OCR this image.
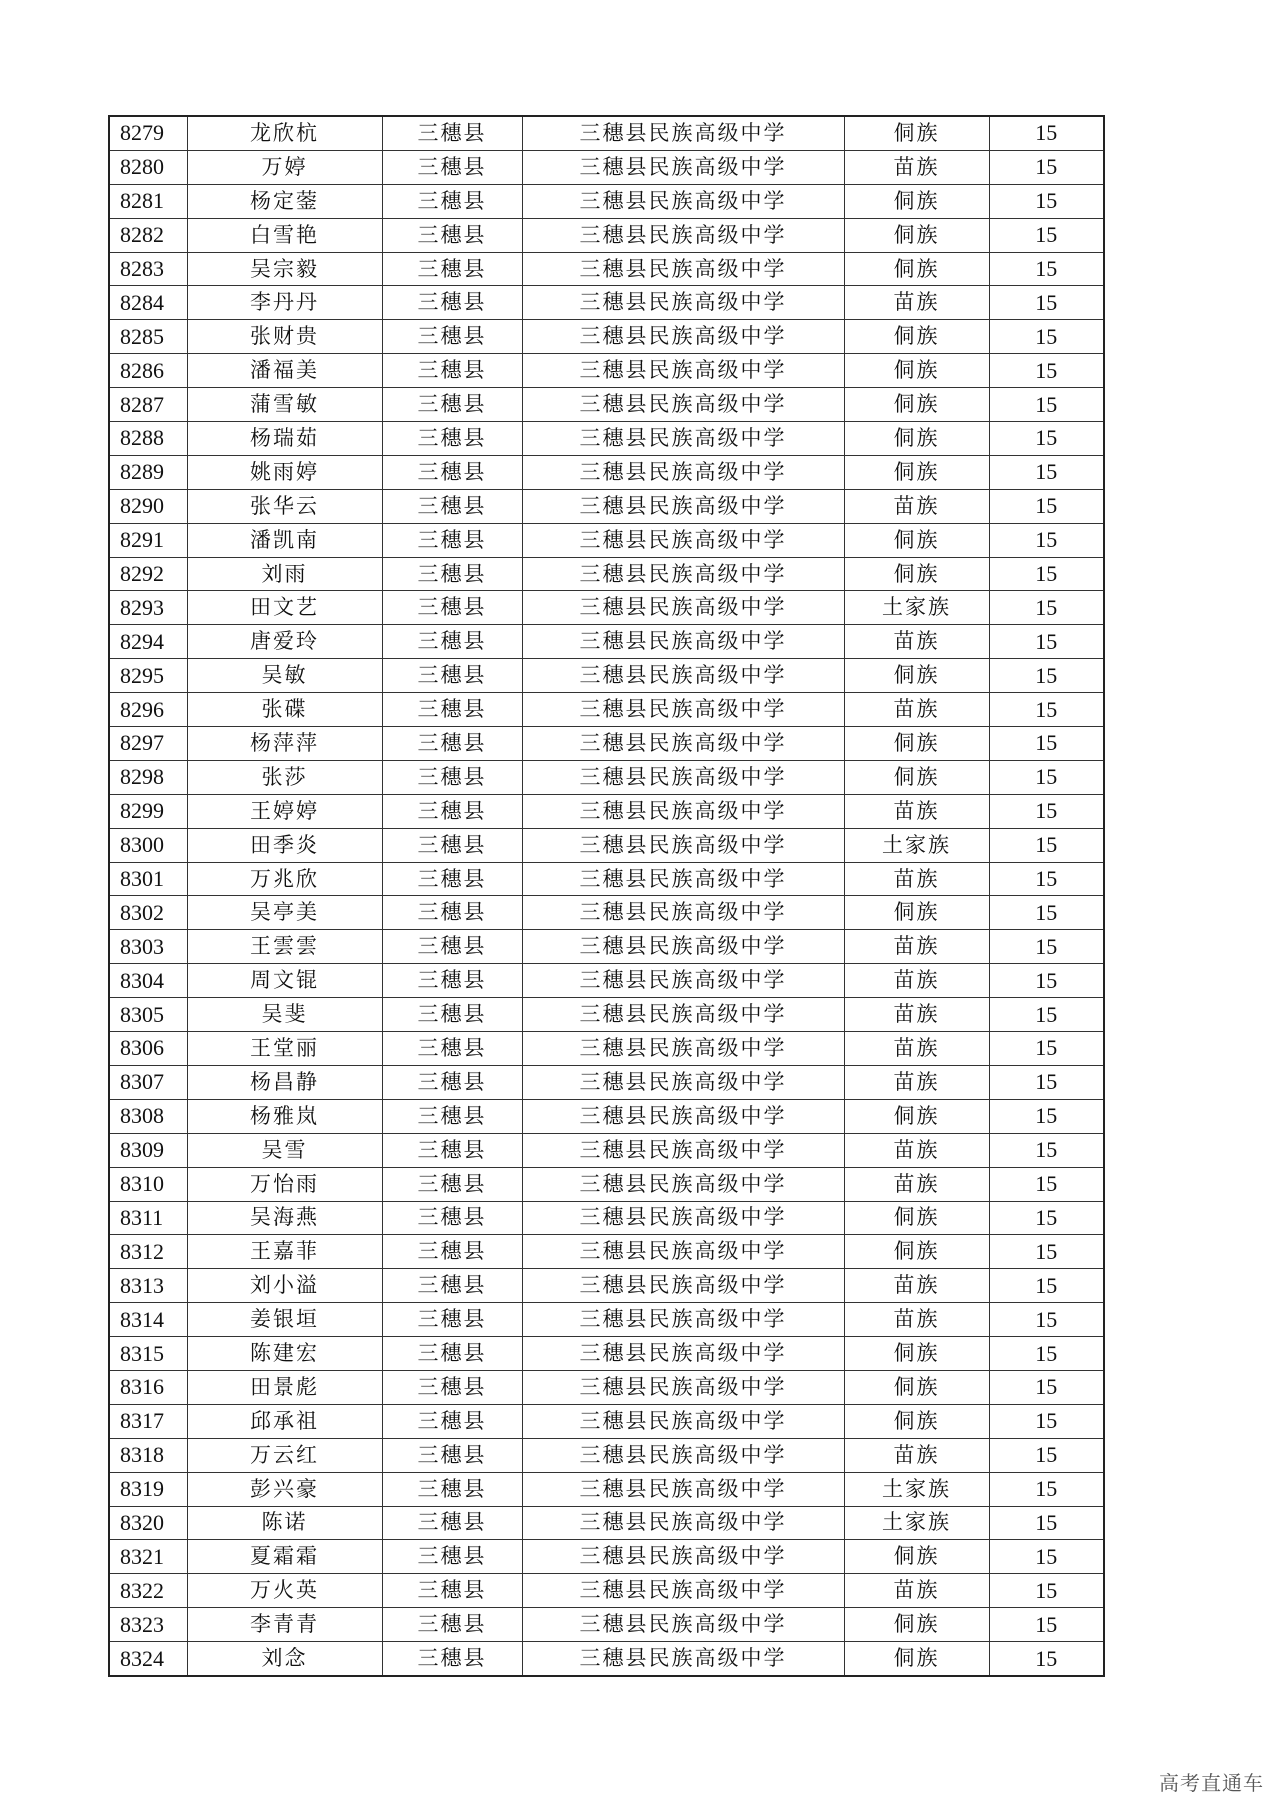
8279	龙欣杭	三穗县	三穗县民族高级中学	侗族	15
8280	万婷	三穗县	三穗县民族高级中学	苗族	15
8281	杨定蓥	三穗县	三穗县民族高级中学	侗族	15
8282	白雪艳	三穗县	三穗县民族高级中学	侗族	15
8283	吴宗毅	三穗县	三穗县民族高级中学	侗族	15
8284	李丹丹	三穗县	三穗县民族高级中学	苗族	15
8285	张财贵	三穗县	三穗县民族高级中学	侗族	15
8286	潘福美	三穗县	三穗县民族高级中学	侗族	15
8287	蒲雪敏	三穗县	三穗县民族高级中学	侗族	15
8288	杨瑞茹	三穗县	三穗县民族高级中学	侗族	15
8289	姚雨婷	三穗县	三穗县民族高级中学	侗族	15
8290	张华云	三穗县	三穗县民族高级中学	苗族	15
8291	潘凯南	三穗县	三穗县民族高级中学	侗族	15
8292	刘雨	三穗县	三穗县民族高级中学	侗族	15
8293	田文艺	三穗县	三穗县民族高级中学	土家族	15
8294	唐爱玲	三穗县	三穗县民族高级中学	苗族	15
8295	吴敏	三穗县	三穗县民族高级中学	侗族	15
8296	张碟	三穗县	三穗县民族高级中学	苗族	15
8297	杨萍萍	三穗县	三穗县民族高级中学	侗族	15
8298	张莎	三穗县	三穗县民族高级中学	侗族	15
8299	王婷婷	三穗县	三穗县民族高级中学	苗族	15
8300	田季炎	三穗县	三穗县民族高级中学	土家族	15
8301	万兆欣	三穗县	三穗县民族高级中学	苗族	15
8302	吴亭美	三穗县	三穗县民族高级中学	侗族	15
8303	王雲雲	三穗县	三穗县民族高级中学	苗族	15
8304	周文锟	三穗县	三穗县民族高级中学	苗族	15
8305	吴斐	三穗县	三穗县民族高级中学	苗族	15
8306	王堂丽	三穗县	三穗县民族高级中学	苗族	15
8307	杨昌静	三穗县	三穗县民族高级中学	苗族	15
8308	杨雅岚	三穗县	三穗县民族高级中学	侗族	15
8309	吴雪	三穗县	三穗县民族高级中学	苗族	15
8310	万怡雨	三穗县	三穗县民族高级中学	苗族	15
8311	吴海燕	三穗县	三穗县民族高级中学	侗族	15
8312	王嘉菲	三穗县	三穗县民族高级中学	侗族	15
8313	刘小溢	三穗县	三穗县民族高级中学	苗族	15
8314	姜银垣	三穗县	三穗县民族高级中学	苗族	15
8315	陈建宏	三穗县	三穗县民族高级中学	侗族	15
8316	田景彪	三穗县	三穗县民族高级中学	侗族	15
8317	邱承祖	三穗县	三穗县民族高级中学	侗族	15
8318	万云红	三穗县	三穗县民族高级中学	苗族	15
8319	彭兴豪	三穗县	三穗县民族高级中学	土家族	15
8320	陈诺	三穗县	三穗县民族高级中学	土家族	15
8321	夏霜霜	三穗县	三穗县民族高级中学	侗族	15
8322	万火英	三穗县	三穗县民族高级中学	苗族	15
8323	李青青	三穗县	三穗县民族高级中学	侗族	15
8324	刘念	三穗县	三穗县民族高级中学	侗族	15
高考直通车
